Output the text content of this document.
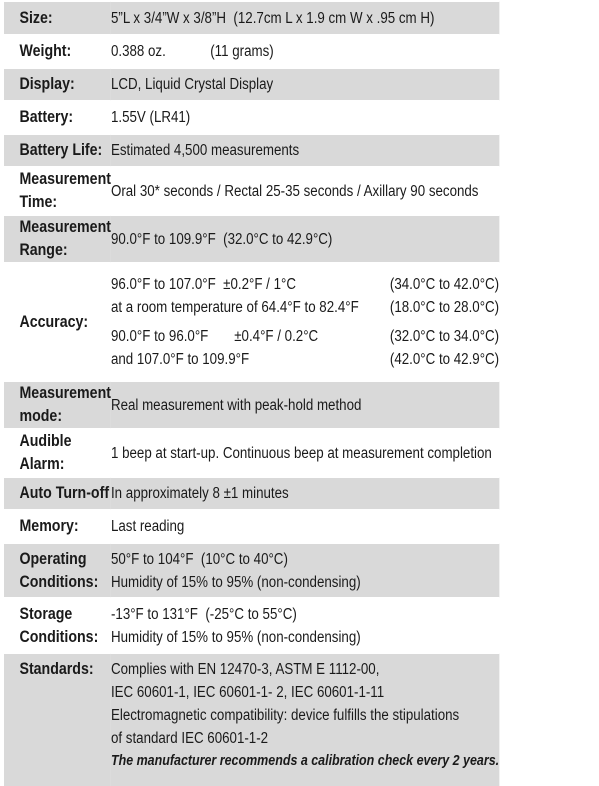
Size:	5”L x 3/4”W x 3/8”H  (12.7cm L x 1.9 cm W x .95 cm H)
Weight:	0.388 oz.            (11 grams)
Display:	LCD, Liquid Crystal Display
Battery:	1.55V (LR41)
Battery Life:	Estimated 4,500 measurements
Measurement Time:	Oral 30* seconds / Rectal 25-35 seconds / Axillary 90 seconds
Measurement Range:	90.0°F to 109.9°F  (32.0°C to 42.9°C)
Accuracy:	96.0°F to 107.0°F  ±0.2°F / 1°C	(34.0°C to 42.0°C)
at a room temperature of 64.4°F to 82.4°F	(18.0°C to 28.0°C)

90.0°F to 96.0°F       ±0.4°F / 0.2°C	(32.0°C to 34.0°C)
and 107.0°F to 109.9°F	(42.0°C to 42.9°C)

Measurement mode:	Real measurement with peak-hold method
Audible Alarm:	1 beep at start-up. Continuous beep at measurement completion
Auto Turn-off	In approximately 8 ±1 minutes
Memory:	Last reading
Operating Conditions:	50°F to 104°F  (10°C to 40°C)
Humidity of 15% to 95% (non-condensing)

Storage Conditions:	-13°F to 131°F  (-25°C to 55°C)
Humidity of 15% to 95% (non-condensing)

Standards:	Complies with EN 12470-3, ASTM E 1112-00,
IEC 60601-1, IEC 60601-1- 2, IEC 60601-1-11
Electromagnetic compatibility: device fulfills the stipulations
of standard IEC 60601-1-2
The manufacturer recommends a calibration check every 2 years.
